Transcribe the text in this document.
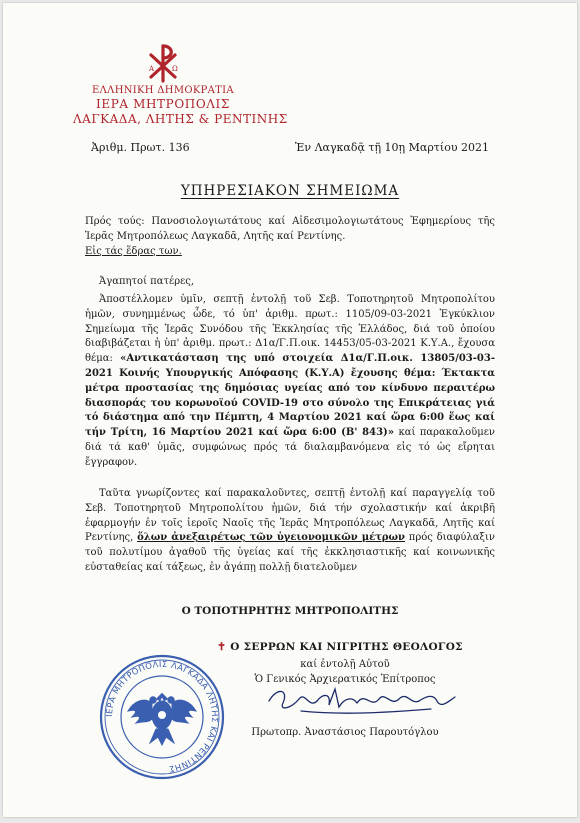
Α	Ω
ΕΛΛΗΝΙΚΗ ΔΗΜΟΚΡΑΤΙΑ
ΙΕΡΑ ΜΗΤΡΟΠΟΛΙΣ
ΛΑΓΚΑΔΑ, ΛΗΤΗΣ & ΡΕΝΤΙΝΗΣ
Ἀριθμ. Πρωτ. 136	Ἐν Λαγκαδᾷ τῇ 10ῃ Μαρτίου 2021
ΥΠΗΡΕΣΙΑΚΟΝ ΣΗΜΕΙΩΜΑ
Πρός τούς: Πανοσιολογιωτάτους καί Αἰδεσιμολογιωτάτους Ἐφημερίους τῆς Ἱερᾶς Μητροπόλεως Λαγκαδᾶ, Λητῆς καί Ρεντίνης.
Εἰς τάς ἕδρας των.
Ἀγαπητοί πατέρες,
Ἀποστέλλομεν ὑμῖν, σεπτῇ ἐντολῇ τοῦ Σεβ. Τοποτηρητοῦ Μητροπολίτου ἡμῶν, συνημμένως ὧδε, τό ὑπ' ἀριθμ. πρωτ.: 1105/09-03-2021 Ἐγκύκλιον Σημείωμα τῆς Ἱερᾶς Συνόδου τῆς Ἐκκλησίας τῆς Ἑλλάδος, διά τοῦ ὁποίου διαβιβάζεται ἡ ὑπ' ἀριθμ. πρωτ.: Δ1α/Γ.Π.οικ. 14453/05-03-2021 Κ.Υ.Α., ἔχουσα θέμα: «Αντικατάσταση της υπό στοιχεία Δ1α/Γ.Π.οικ. 13805/03-03-2021 Κοινής Υπουργικής Απόφασης (Κ.Υ.Α) ἔχουσης θέμα: Έκτακτα μέτρα προστασίας της δημόσιας υγείας από τον κίνδυνο περαιτέρω διασποράς του κορωνοϊού COVID-19 στο σύνολο της Επικράτειας γιά τό διάστημα από την Πέμπτη, 4 Μαρτίου 2021 καί ὥρα 6:00 ἕως καί τήν Τρίτη, 16 Μαρτίου 2021 καί ὥρα 6:00 (Β' 843)» καί παρακαλοῦμεν διά τά καθ' ὑμᾶς, συμφώνως πρός τά διαλαμβανόμενα εἰς τό ὡς εἴρηται ἔγγραφον.
Ταῦτα γνωρίζοντες καί παρακαλοῦντες, σεπτῇ ἐντολῇ καί παραγγελίᾳ τοῦ Σεβ. Τοποτηρητοῦ Μητροπολίτου ἡμῶν, διά τήν σχολαστικήν καί ἀκριβῆ ἐφαρμογήν ἐν τοῖς ἱεροῖς Ναοῖς τῆς Ἱερᾶς Μητροπόλεως Λαγκαδᾶ, Λητῆς καί Ρεντίνης, ὅλων ἀνεξαιρέτως τῶν ὑγειονομικῶν μέτρων πρός διαφύλαξιν τοῦ πολυτίμου ἀγαθοῦ τῆς ὑγείας καί τῆς ἐκκλησιαστικῆς καί κοινωνικῆς εὐσταθείας καί τάξεως, ἐν ἀγάπῃ πολλῇ διατελοῦμεν
Ο ΤΟΠΟΤΗΡΗΤΗΣ ΜΗΤΡΟΠΟΛΙΤΗΣ
✝ Ο ΣΕΡΡΩΝ ΚΑΙ ΝΙΓΡΙΤΗΣ ΘΕΟΛΟΓΟΣ
καί ἐντολῇ Αὐτοῦ
Ὁ Γενικός Ἀρχιερατικός Ἐπίτροπος
Πρωτοπρ. Ἀναστάσιος Παρουτόγλου
ΙΕΡΑ ΜΗΤΡΟΠΟΛΙΣ ΛΑΓΚΑΔΑ ΛΗΤΗΣ ΚΑΙ ΡΕΝΤΙΝΗΣ
